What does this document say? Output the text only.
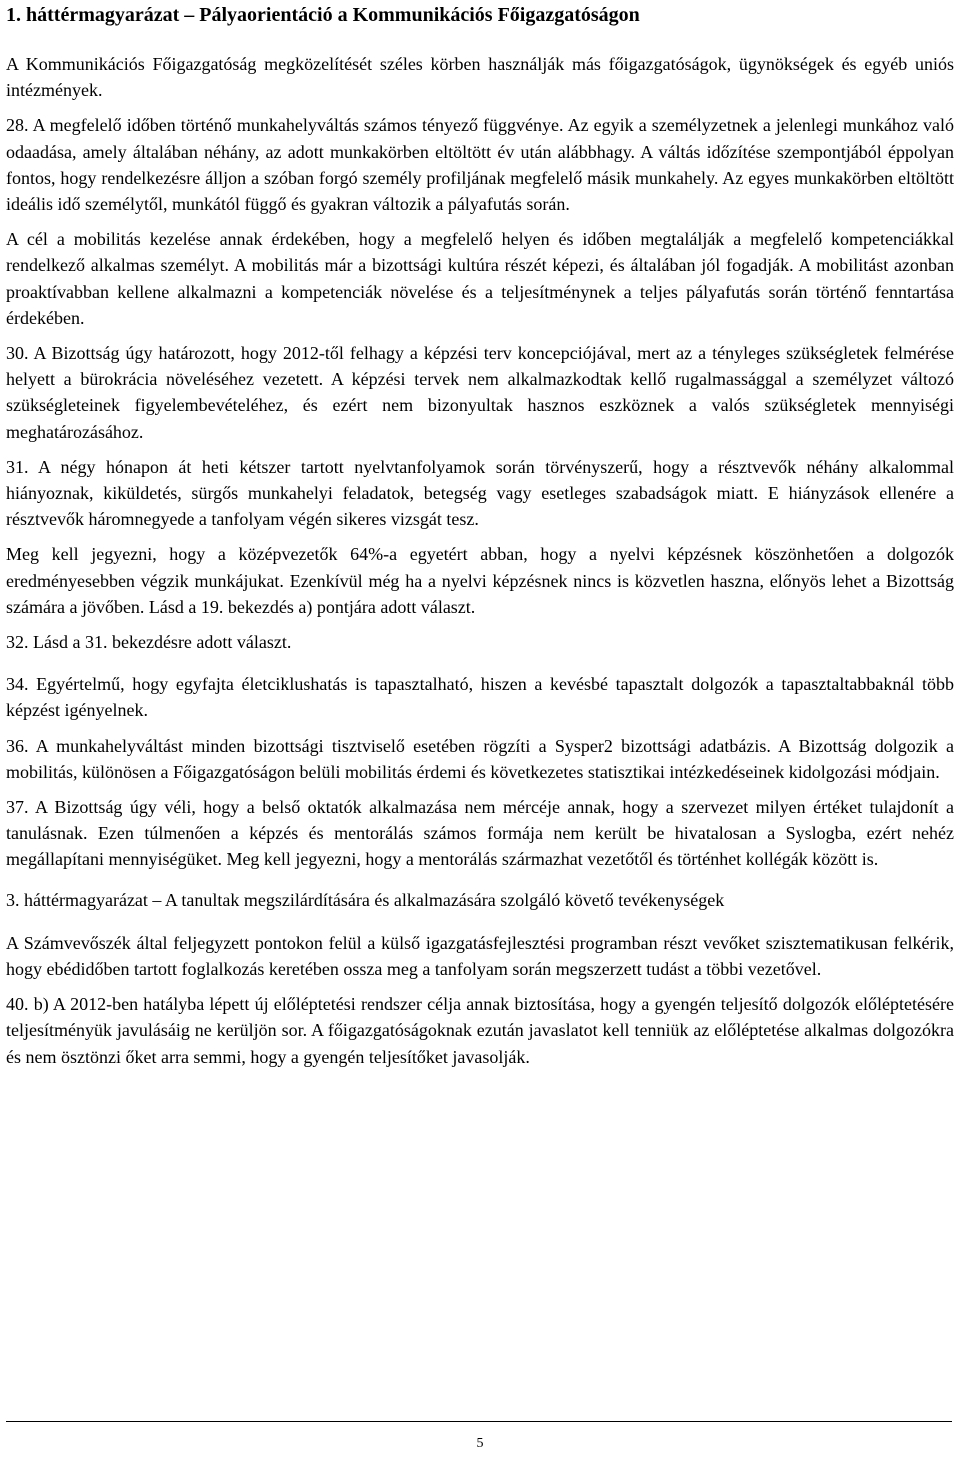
1. háttérmagyarázat – Pályaorientáció a Kommunikációs Főigazgatóságon

A Kommunikációs Főigazgatóság megközelítését széles körben használják más főigazgatóságok, ügynökségek és egyéb uniós intézmények.

28. A megfelelő időben történő munkahelyváltás számos tényező függvénye. Az egyik a személyzetnek a jelenlegi munkához való odaadása, amely általában néhány, az adott munkakörben eltöltött év után alábbhagy. A váltás időzítése szempontjából éppolyan fontos, hogy rendelkezésre álljon a szóban forgó személy profiljának megfelelő másik munkahely. Az egyes munkakörben eltöltött ideális idő személytől, munkától függő és gyakran változik a pályafutás során.

A cél a mobilitás kezelése annak érdekében, hogy a megfelelő helyen és időben megtalálják a megfelelő kompetenciákkal rendelkező alkalmas személyt. A mobilitás már a bizottsági kultúra részét képezi, és általában jól fogadják. A mobilitást azonban proaktívabban kellene alkalmazni a kompetenciák növelése és a teljesítménynek a teljes pályafutás során történő fenntartása érdekében.

30. A Bizottság úgy határozott, hogy 2012-től felhagy a képzési terv koncepciójával, mert az a tényleges szükségletek felmérése helyett a bürokrácia növeléséhez vezetett. A képzési tervek nem alkalmazkodtak kellő rugalmassággal a személyzet változó szükségleteinek figyelembevételéhez, és ezért nem bizonyultak hasznos eszköznek a valós szükségletek mennyiségi meghatározásához.

31. A négy hónapon át heti kétszer tartott nyelvtanfolyamok során törvényszerű, hogy a résztvevők néhány alkalommal hiányoznak, kiküldetés, sürgős munkahelyi feladatok, betegség vagy esetleges szabadságok miatt. E hiányzások ellenére a résztvevők háromnegyede a tanfolyam végén sikeres vizsgát tesz.

Meg kell jegyezni, hogy a középvezetők 64%-a egyetért abban, hogy a nyelvi képzésnek köszönhetően a dolgozók eredményesebben végzik munkájukat. Ezenkívül még ha a nyelvi képzésnek nincs is közvetlen haszna, előnyös lehet a Bizottság számára a jövőben. Lásd a 19. bekezdés a) pontjára adott választ.

32. Lásd a 31. bekezdésre adott választ.

34. Egyértelmű, hogy egyfajta életciklushatás is tapasztalható, hiszen a kevésbé tapasztalt dolgozók a tapasztaltabbaknál több képzést igényelnek.

36. A munkahelyváltást minden bizottsági tisztviselő esetében rögzíti a Sysper2 bizottsági adatbázis. A Bizottság dolgozik a mobilitás, különösen a Főigazgatóságon belüli mobilitás érdemi és következetes statisztikai intézkedéseinek kidolgozási módjain.

37. A Bizottság úgy véli, hogy a belső oktatók alkalmazása nem mércéje annak, hogy a szervezet milyen értéket tulajdonít a tanulásnak. Ezen túlmenően a képzés és mentorálás számos formája nem került be hivatalosan a Syslogba, ezért nehéz megállapítani mennyiségüket. Meg kell jegyezni, hogy a mentorálás származhat vezetőtől és történhet kollégák között is.

3. háttérmagyarázat – A tanultak megszilárdítására és alkalmazására szolgáló követő tevékenységek

A Számvevőszék által feljegyzett pontokon felül a külső igazgatásfejlesztési programban részt vevőket szisztematikusan felkérik, hogy ebédidőben tartott foglalkozás keretében ossza meg a tanfolyam során megszerzett tudást a többi vezetővel.

40. b) A 2012-ben hatályba lépett új előléptetési rendszer célja annak biztosítása, hogy a gyengén teljesítő dolgozók előléptetésére teljesítményük javulásáig ne kerüljön sor. A főigazgatóságoknak ezután javaslatot kell tenniük az előléptetése alkalmas dolgozókra és nem ösztönzi őket arra semmi, hogy a gyengén teljesítőket javasolják.

5
